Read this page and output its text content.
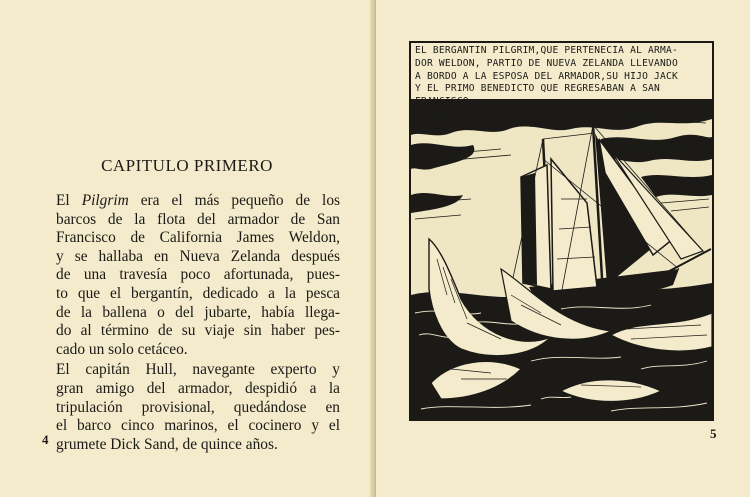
CAPITULO PRIMERO

El Pilgrim era el más pequeño de los
barcos de la flota del armador de San
Francisco de California James Weldon,
y se hallaba en Nueva Zelanda después
de una travesía poco afortunada, pues-
to que el bergantín, dedicado a la pesca
de la ballena o del jubarte, había llega-
do al término de su viaje sin haber pes-
cado un solo cetáceo.

El capitán Hull, navegante experto y
gran amigo del armador, despidió a la
tripulación provisional, quedándose en
el barco cinco marinos, el cocinero y el
grumete Dick Sand, de quince años.

4
EL BERGANTIN PILGRIM,QUE PERTENECIA AL ARMA-
DOR WELDON, PARTIO DE NUEVA ZELANDA LLEVANDO
A BORDO A LA ESPOSA DEL ARMADOR,SU HIJO JACK
Y EL PRIMO BENEDICTO QUE REGRESABAN A SAN
5
